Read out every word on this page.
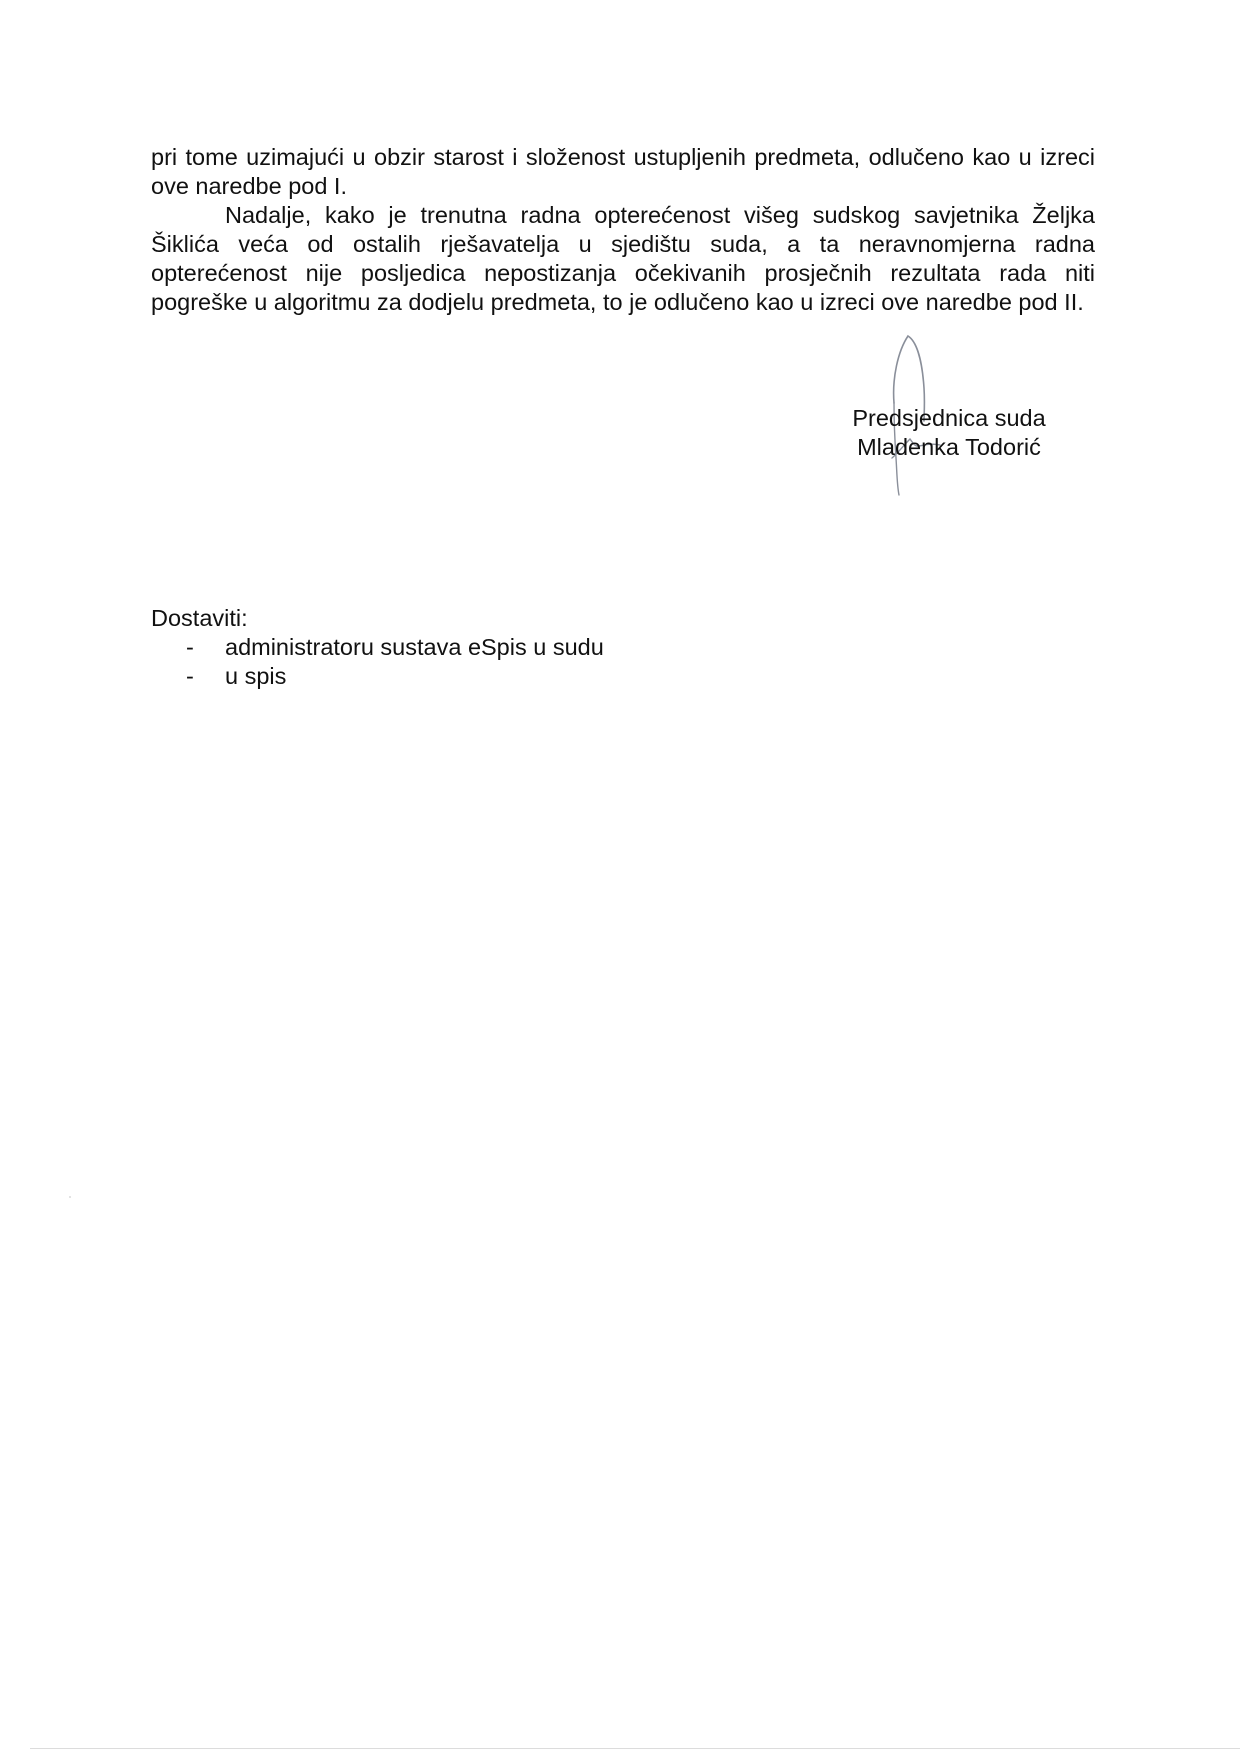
pri tome uzimajući u obzir starost i složenost ustupljenih predmeta, odlučeno kao u izreci ove naredbe pod I.

Nadalje, kako je trenutna radna opterećenost višeg sudskog savjetnika Željka Šiklića veća od ostalih rješavatelja u sjedištu suda, a ta neravnomjerna radna opterećenost nije posljedica nepostizanja očekivanih prosječnih rezultata rada niti pogreške u algoritmu za dodjelu predmeta, to je odlučeno kao u izreci ove naredbe pod II.

Predsjednica suda
Mladenka Todorić
Dostaviti:
- administratoru sustava eSpis u sudu
- u spis
